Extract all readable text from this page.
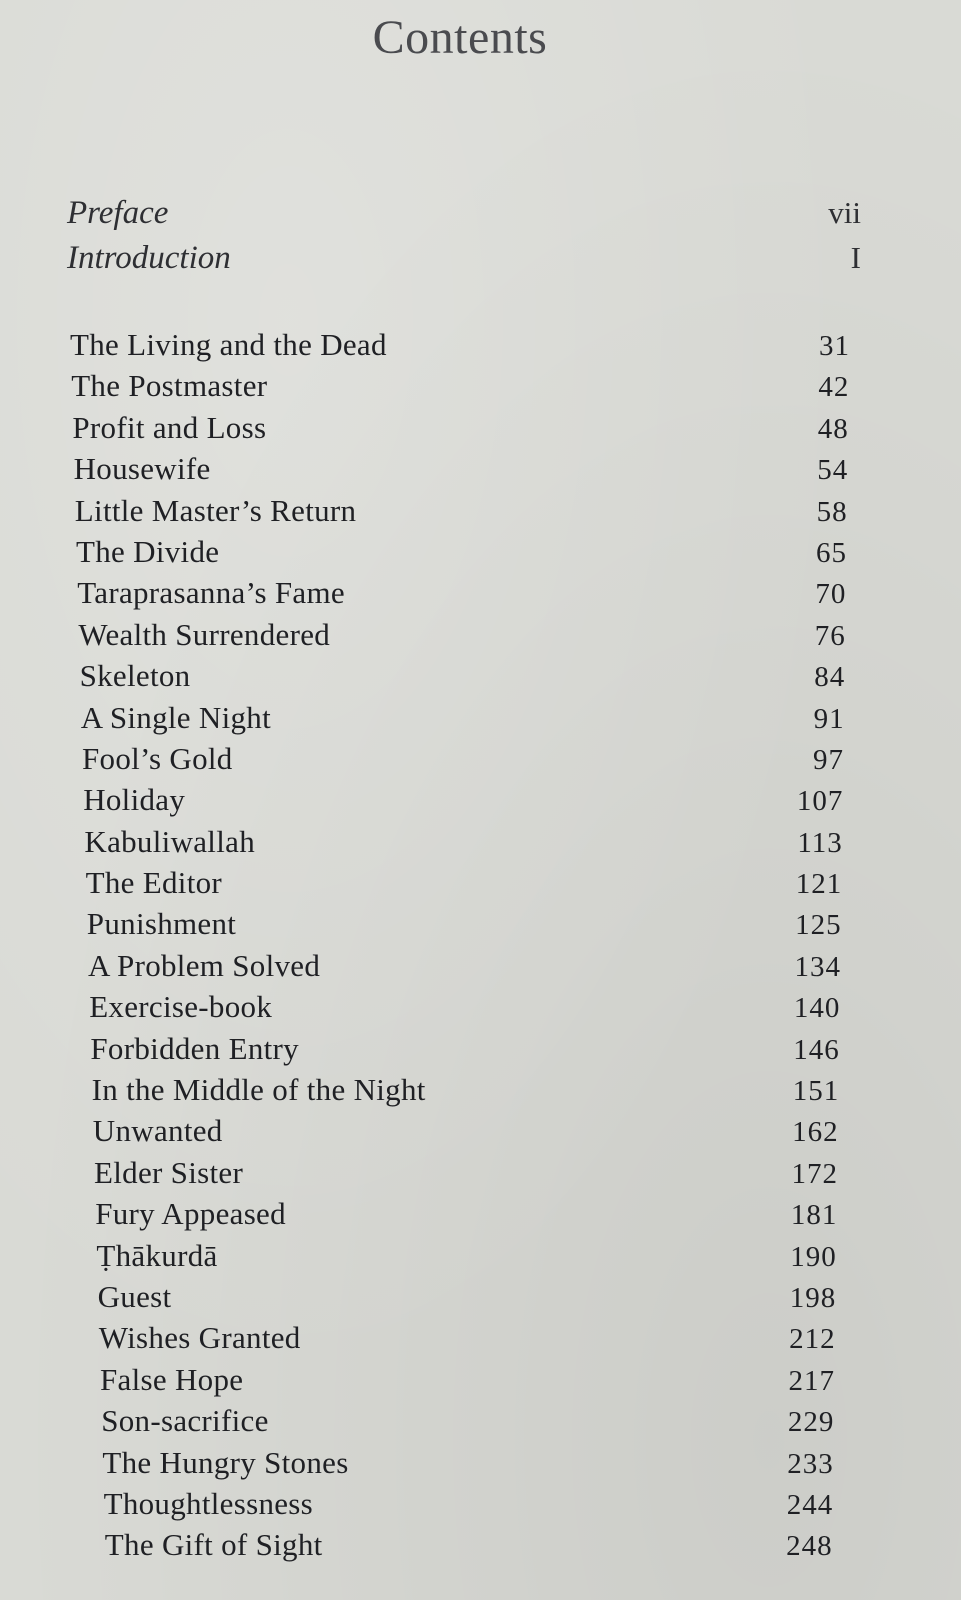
Contents
Preface	vii
Introduction	I
The Living and the Dead	31
The Postmaster	42
Profit and Loss	48
Housewife	54
Little Master’s Return	58
The Divide	65
Taraprasanna’s Fame	70
Wealth Surrendered	76
Skeleton	84
A Single Night	91
Fool’s Gold	97
Holiday	107
Kabuliwallah	113
The Editor	121
Punishment	125
A Problem Solved	134
Exercise-book	140
Forbidden Entry	146
In the Middle of the Night	151
Unwanted	162
Elder Sister	172
Fury Appeased	181
Ṭhākurdā	190
Guest	198
Wishes Granted	212
False Hope	217
Son-sacrifice	229
The Hungry Stones	233
Thoughtlessness	244
The Gift of Sight	248
